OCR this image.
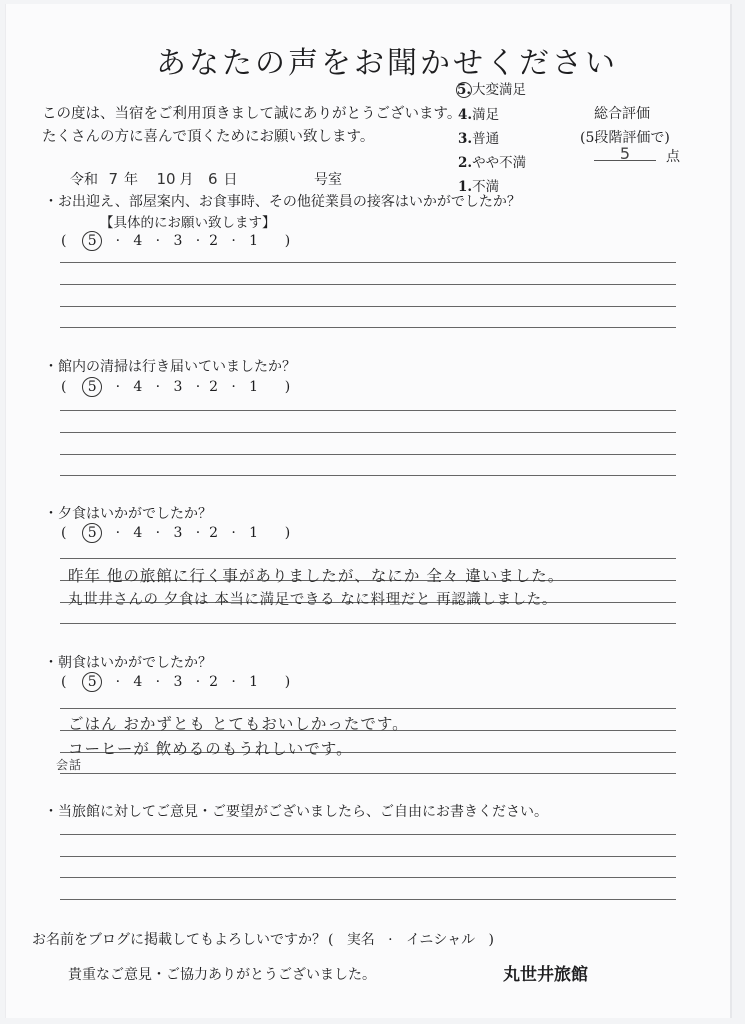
あなたの声をお聞かせください
この度は、当宿をご利用頂きまして誠にありがとうございます。
たくさんの方に喜んで頂くためにお願い致します。
5.大変満足
4.満足
3.普通
2.やや不満
1.不満
総合評価
(5段階評価で)
5	点
令和 7 年 10 月 6 日	号室
・お出迎え、部屋案内、お食事時、その他従業員の接客はいかがでしたか？
【具体的にお願い致します】
(    5   ·   4   ·   3   ·  2   ·   1      )
・館内の清掃は行き届いていましたか？
(    5   ·   4   ·   3   ·  2   ·   1      )
・夕食はいかがでしたか？
(    5   ·   4   ·   3   ·  2   ·   1      )
昨年 他の旅館に行く事がありましたが、なにか 全々 違いました。
丸世井さんの 夕食は 本当に満足できる なに料理だと 再認識しました。
・朝食はいかがでしたか？
(    5   ·   4   ·   3   ·  2   ·   1      )
ごはん おかずとも とてもおいしかったです。
コーヒーが 飲めるのもうれしいです。
会話
・当旅館に対してご意見・ご要望がございましたら、ご自由にお書きください。
お名前をブログに掲載してもよろしいですか？ (   実名   ·   イニシャル   )
貴重なご意見・ご協力ありがとうございました。	丸世井旅館
